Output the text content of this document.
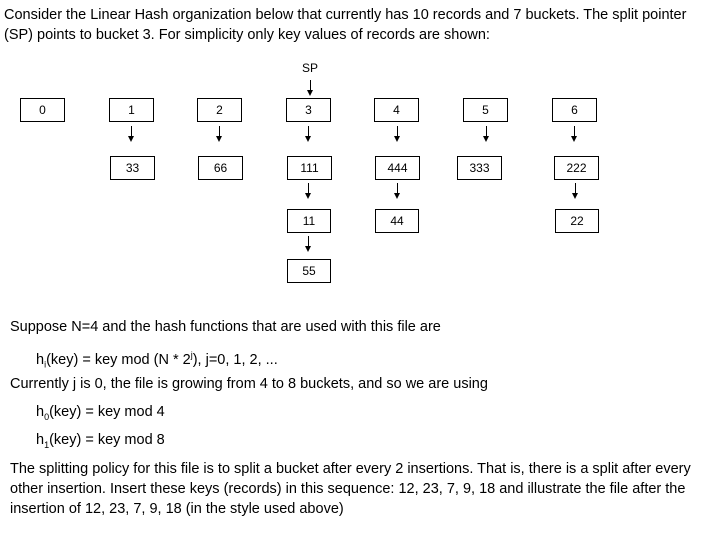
Consider the Linear Hash organization below that currently has 10 records and 7 buckets. The split pointer (SP) points to bucket 3. For simplicity only key values of records are shown:

SP
0	1	2	3	4	5	6
33	66	111	444	333	222
11	44	22
55

Suppose N=4 and the hash functions that are used with this file are

$h_i(key)$ = key mod (N * 2$^j$), j=0, 1, 2, ...

Currently j is 0, the file is growing from 4 to 8 buckets, and so we are using

$h_0(key)$ = key mod 4

$h_1(key)$ = key mod 8

The splitting policy for this file is to split a bucket after every 2 insertions. That is, there is a split after every other insertion. Insert these keys (records) in this sequence: 12, 23, 7, 9, 18 and illustrate the file after the insertion of 12, 23, 7, 9, 18 (in the style used above)
